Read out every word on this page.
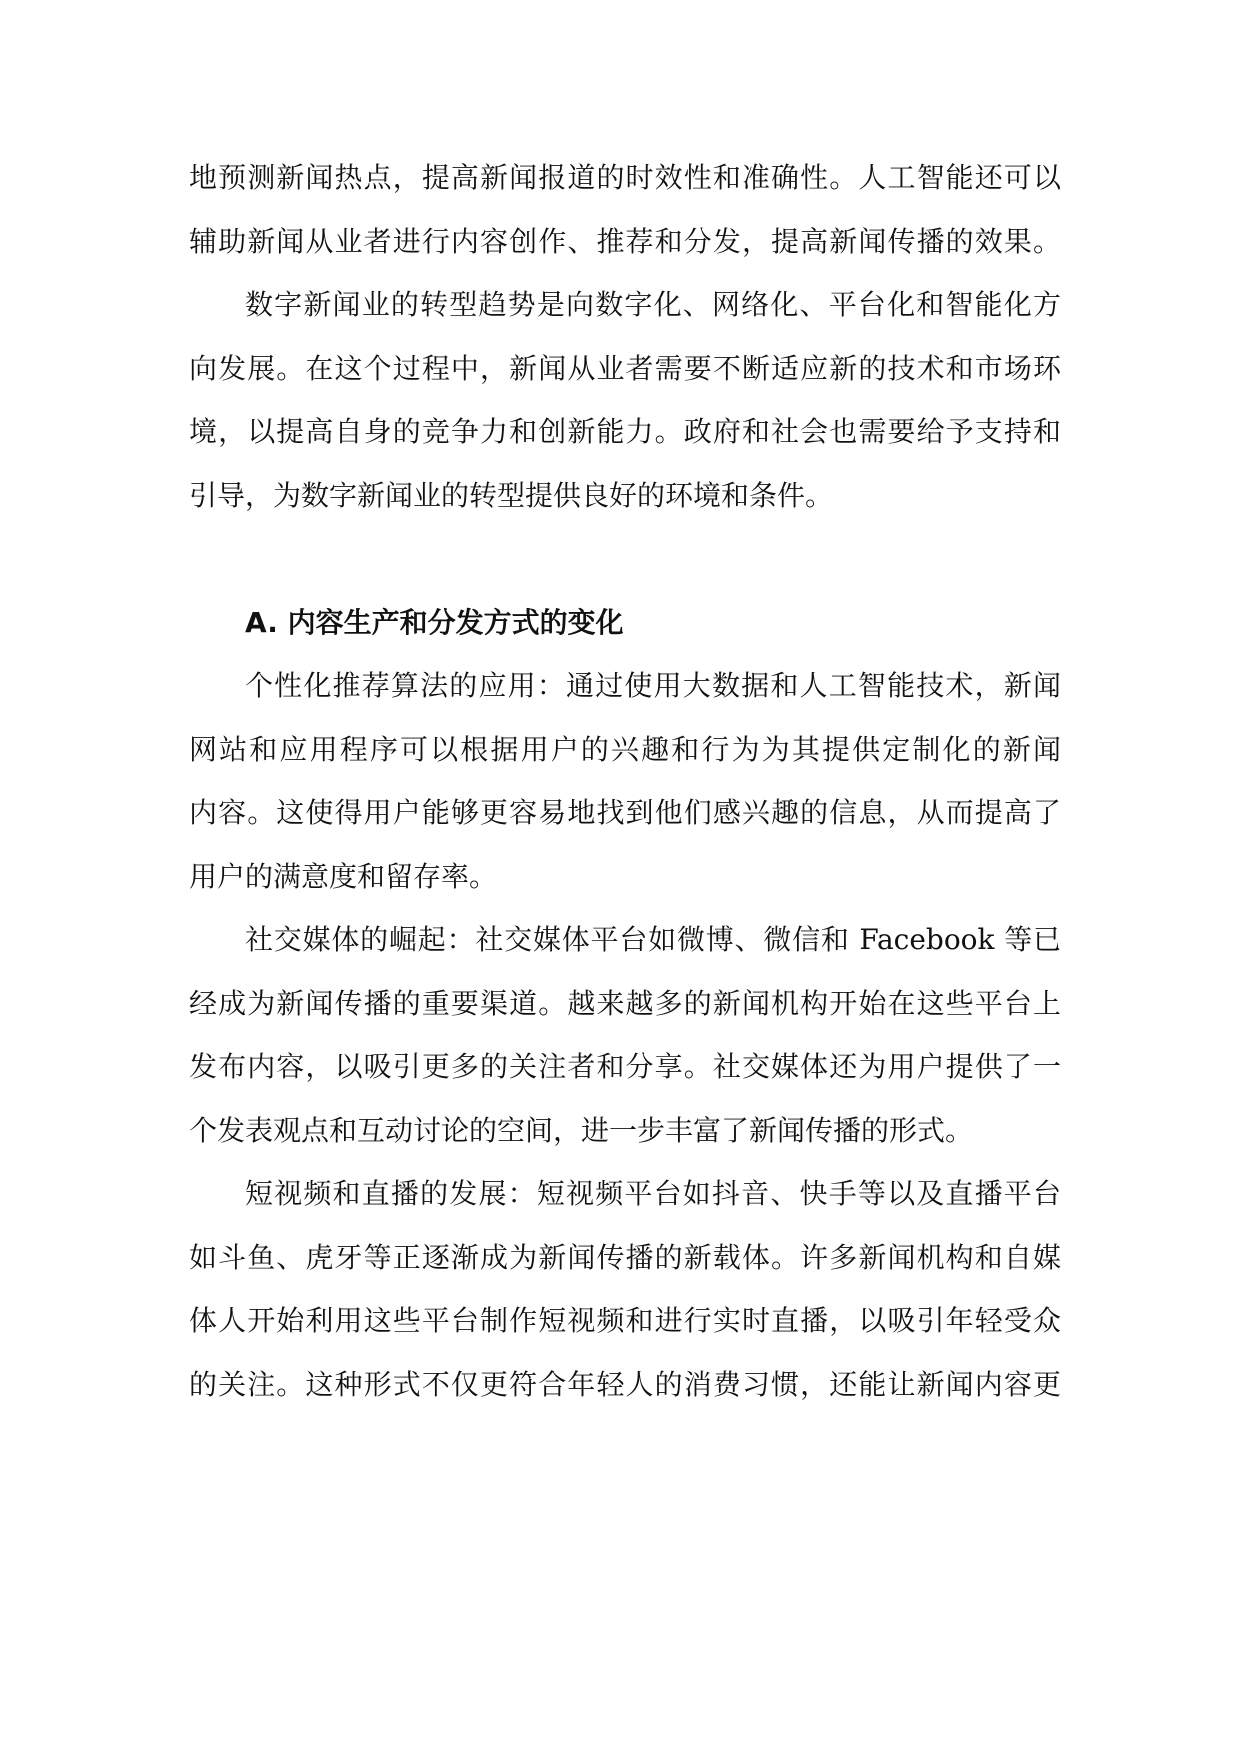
地预测新闻热点，提高新闻报道的时效性和准确性。人工智能还可以
辅助新闻从业者进行内容创作、推荐和分发，提高新闻传播的效果。
数字新闻业的转型趋势是向数字化、网络化、平台化和智能化方
向发展。在这个过程中，新闻从业者需要不断适应新的技术和市场环
境，以提高自身的竞争力和创新能力。政府和社会也需要给予支持和
引导，为数字新闻业的转型提供良好的环境和条件。
A. 内容生产和分发方式的变化
个性化推荐算法的应用：通过使用大数据和人工智能技术，新闻
网站和应用程序可以根据用户的兴趣和行为为其提供定制化的新闻
内容。这使得用户能够更容易地找到他们感兴趣的信息，从而提高了
用户的满意度和留存率。
社交媒体的崛起：社交媒体平台如微博、微信和 Facebook 等已
经成为新闻传播的重要渠道。越来越多的新闻机构开始在这些平台上
发布内容，以吸引更多的关注者和分享。社交媒体还为用户提供了一
个发表观点和互动讨论的空间，进一步丰富了新闻传播的形式。
短视频和直播的发展：短视频平台如抖音、快手等以及直播平台
如斗鱼、虎牙等正逐渐成为新闻传播的新载体。许多新闻机构和自媒
体人开始利用这些平台制作短视频和进行实时直播，以吸引年轻受众
的关注。这种形式不仅更符合年轻人的消费习惯，还能让新闻内容更
